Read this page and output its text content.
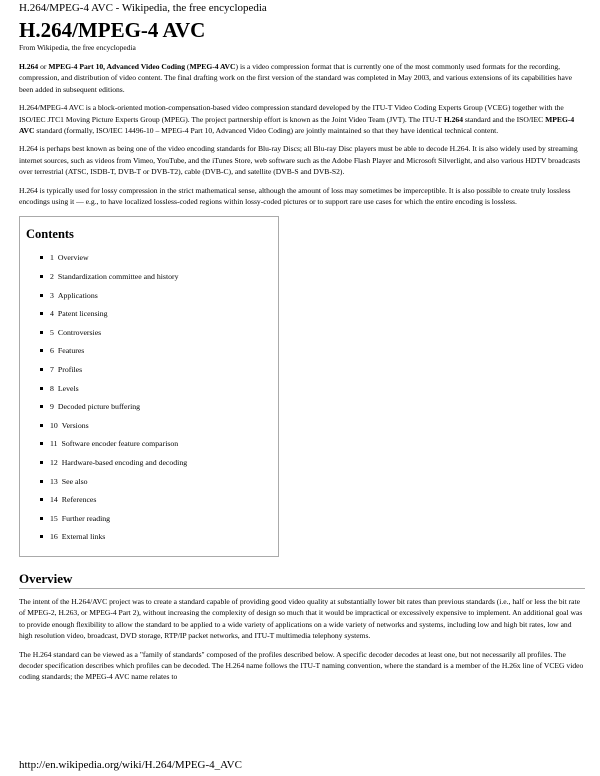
H.264/MPEG-4 AVC - Wikipedia, the free encyclopedia
H.264/MPEG-4 AVC
From Wikipedia, the free encyclopedia

H.264 or MPEG-4 Part 10, Advanced Video Coding (MPEG-4 AVC) is a video compression format that is currently one of the most commonly used formats for the recording, compression, and distribution of video content. The final drafting work on the first version of the standard was completed in May 2003, and various extensions of its capabilities have been added in subsequent editions.

H.264/MPEG-4 AVC is a block-oriented motion-compensation-based video compression standard developed by the ITU-T Video Coding Experts Group (VCEG) together with the ISO/IEC JTC1 Moving Picture Experts Group (MPEG). The project partnership effort is known as the Joint Video Team (JVT). The ITU-T H.264 standard and the ISO/IEC MPEG-4 AVC standard (formally, ISO/IEC 14496-10 – MPEG-4 Part 10, Advanced Video Coding) are jointly maintained so that they have identical technical content.

H.264 is perhaps best known as being one of the video encoding standards for Blu-ray Discs; all Blu-ray Disc players must be able to decode H.264. It is also widely used by streaming internet sources, such as videos from Vimeo, YouTube, and the iTunes Store, web software such as the Adobe Flash Player and Microsoft Silverlight, and also various HDTV broadcasts over terrestrial (ATSC, ISDB-T, DVB-T or DVB-T2), cable (DVB-C), and satellite (DVB-S and DVB-S2).

H.264 is typically used for lossy compression in the strict mathematical sense, although the amount of loss may sometimes be imperceptible. It is also possible to create truly lossless encodings using it — e.g., to have localized lossless-coded regions within lossy-coded pictures or to support rare use cases for which the entire encoding is lossless.

Contents
1 Overview
2 Standardization committee and history
3 Applications
4 Patent licensing
5 Controversies
6 Features
7 Profiles
8 Levels
9 Decoded picture buffering
10 Versions
11 Software encoder feature comparison
12 Hardware-based encoding and decoding
13 See also
14 References
15 Further reading
16 External links
Overview

The intent of the H.264/AVC project was to create a standard capable of providing good video quality at substantially lower bit rates than previous standards (i.e., half or less the bit rate of MPEG-2, H.263, or MPEG-4 Part 2), without increasing the complexity of design so much that it would be impractical or excessively expensive to implement. An additional goal was to provide enough flexibility to allow the standard to be applied to a wide variety of applications on a wide variety of networks and systems, including low and high bit rates, low and high resolution video, broadcast, DVD storage, RTP/IP packet networks, and ITU-T multimedia telephony systems.

The H.264 standard can be viewed as a "family of standards" composed of the profiles described below. A specific decoder decodes at least one, but not necessarily all profiles. The decoder specification describes which profiles can be decoded. The H.264 name follows the ITU-T naming convention, where the standard is a member of the H.26x line of VCEG video coding standards; the MPEG-4 AVC name relates to

http://en.wikipedia.org/wiki/H.264/MPEG-4_AVC
